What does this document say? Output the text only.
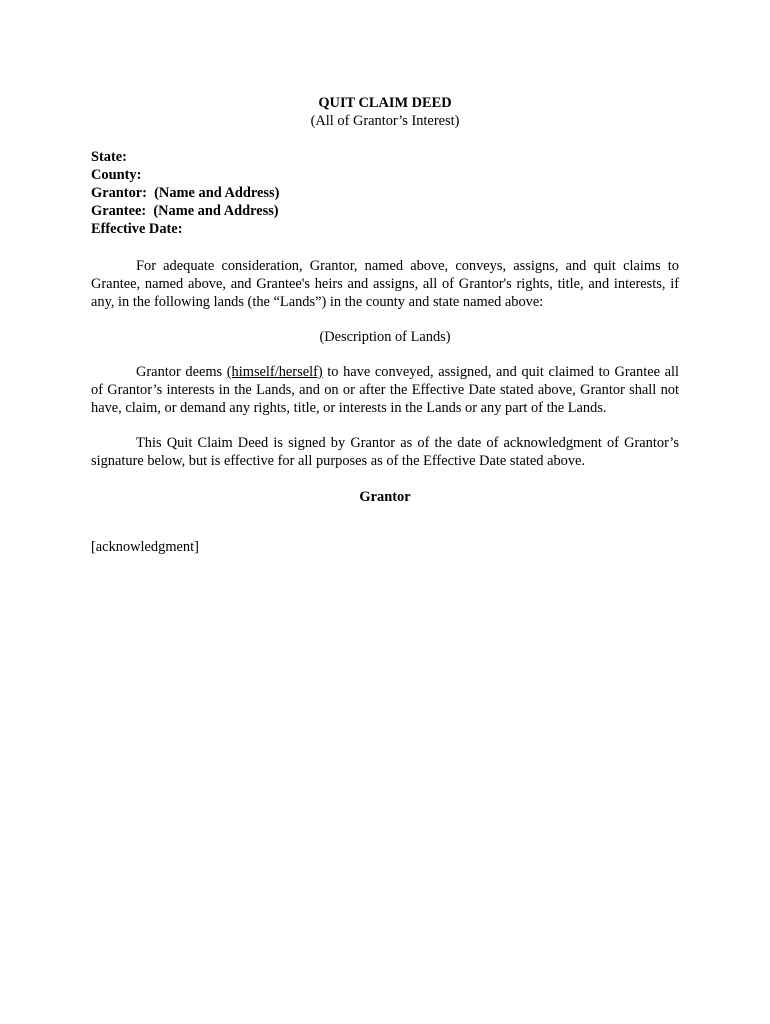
QUIT CLAIM DEED

(All of Grantor’s Interest)

State:

County:

Grantor:  (Name and Address)

Grantee:  (Name and Address)

Effective Date:

For adequate consideration, Grantor, named above, conveys, assigns, and quit claims to Grantee, named above, and Grantee's heirs and assigns, all of Grantor's rights, title, and interests, if any, in the following lands (the “Lands”) in the county and state named above:

(Description of Lands)

Grantor deems (himself/herself) to have conveyed, assigned, and quit claimed to Grantee all of Grantor’s interests in the Lands, and on or after the Effective Date stated above, Grantor shall not have, claim, or demand any rights, title, or interests in the Lands or any part of the Lands.

This Quit Claim Deed is signed by Grantor as of the date of acknowledgment of Grantor’s signature below, but is effective for all purposes as of the Effective Date stated above.

Grantor

[acknowledgment]
